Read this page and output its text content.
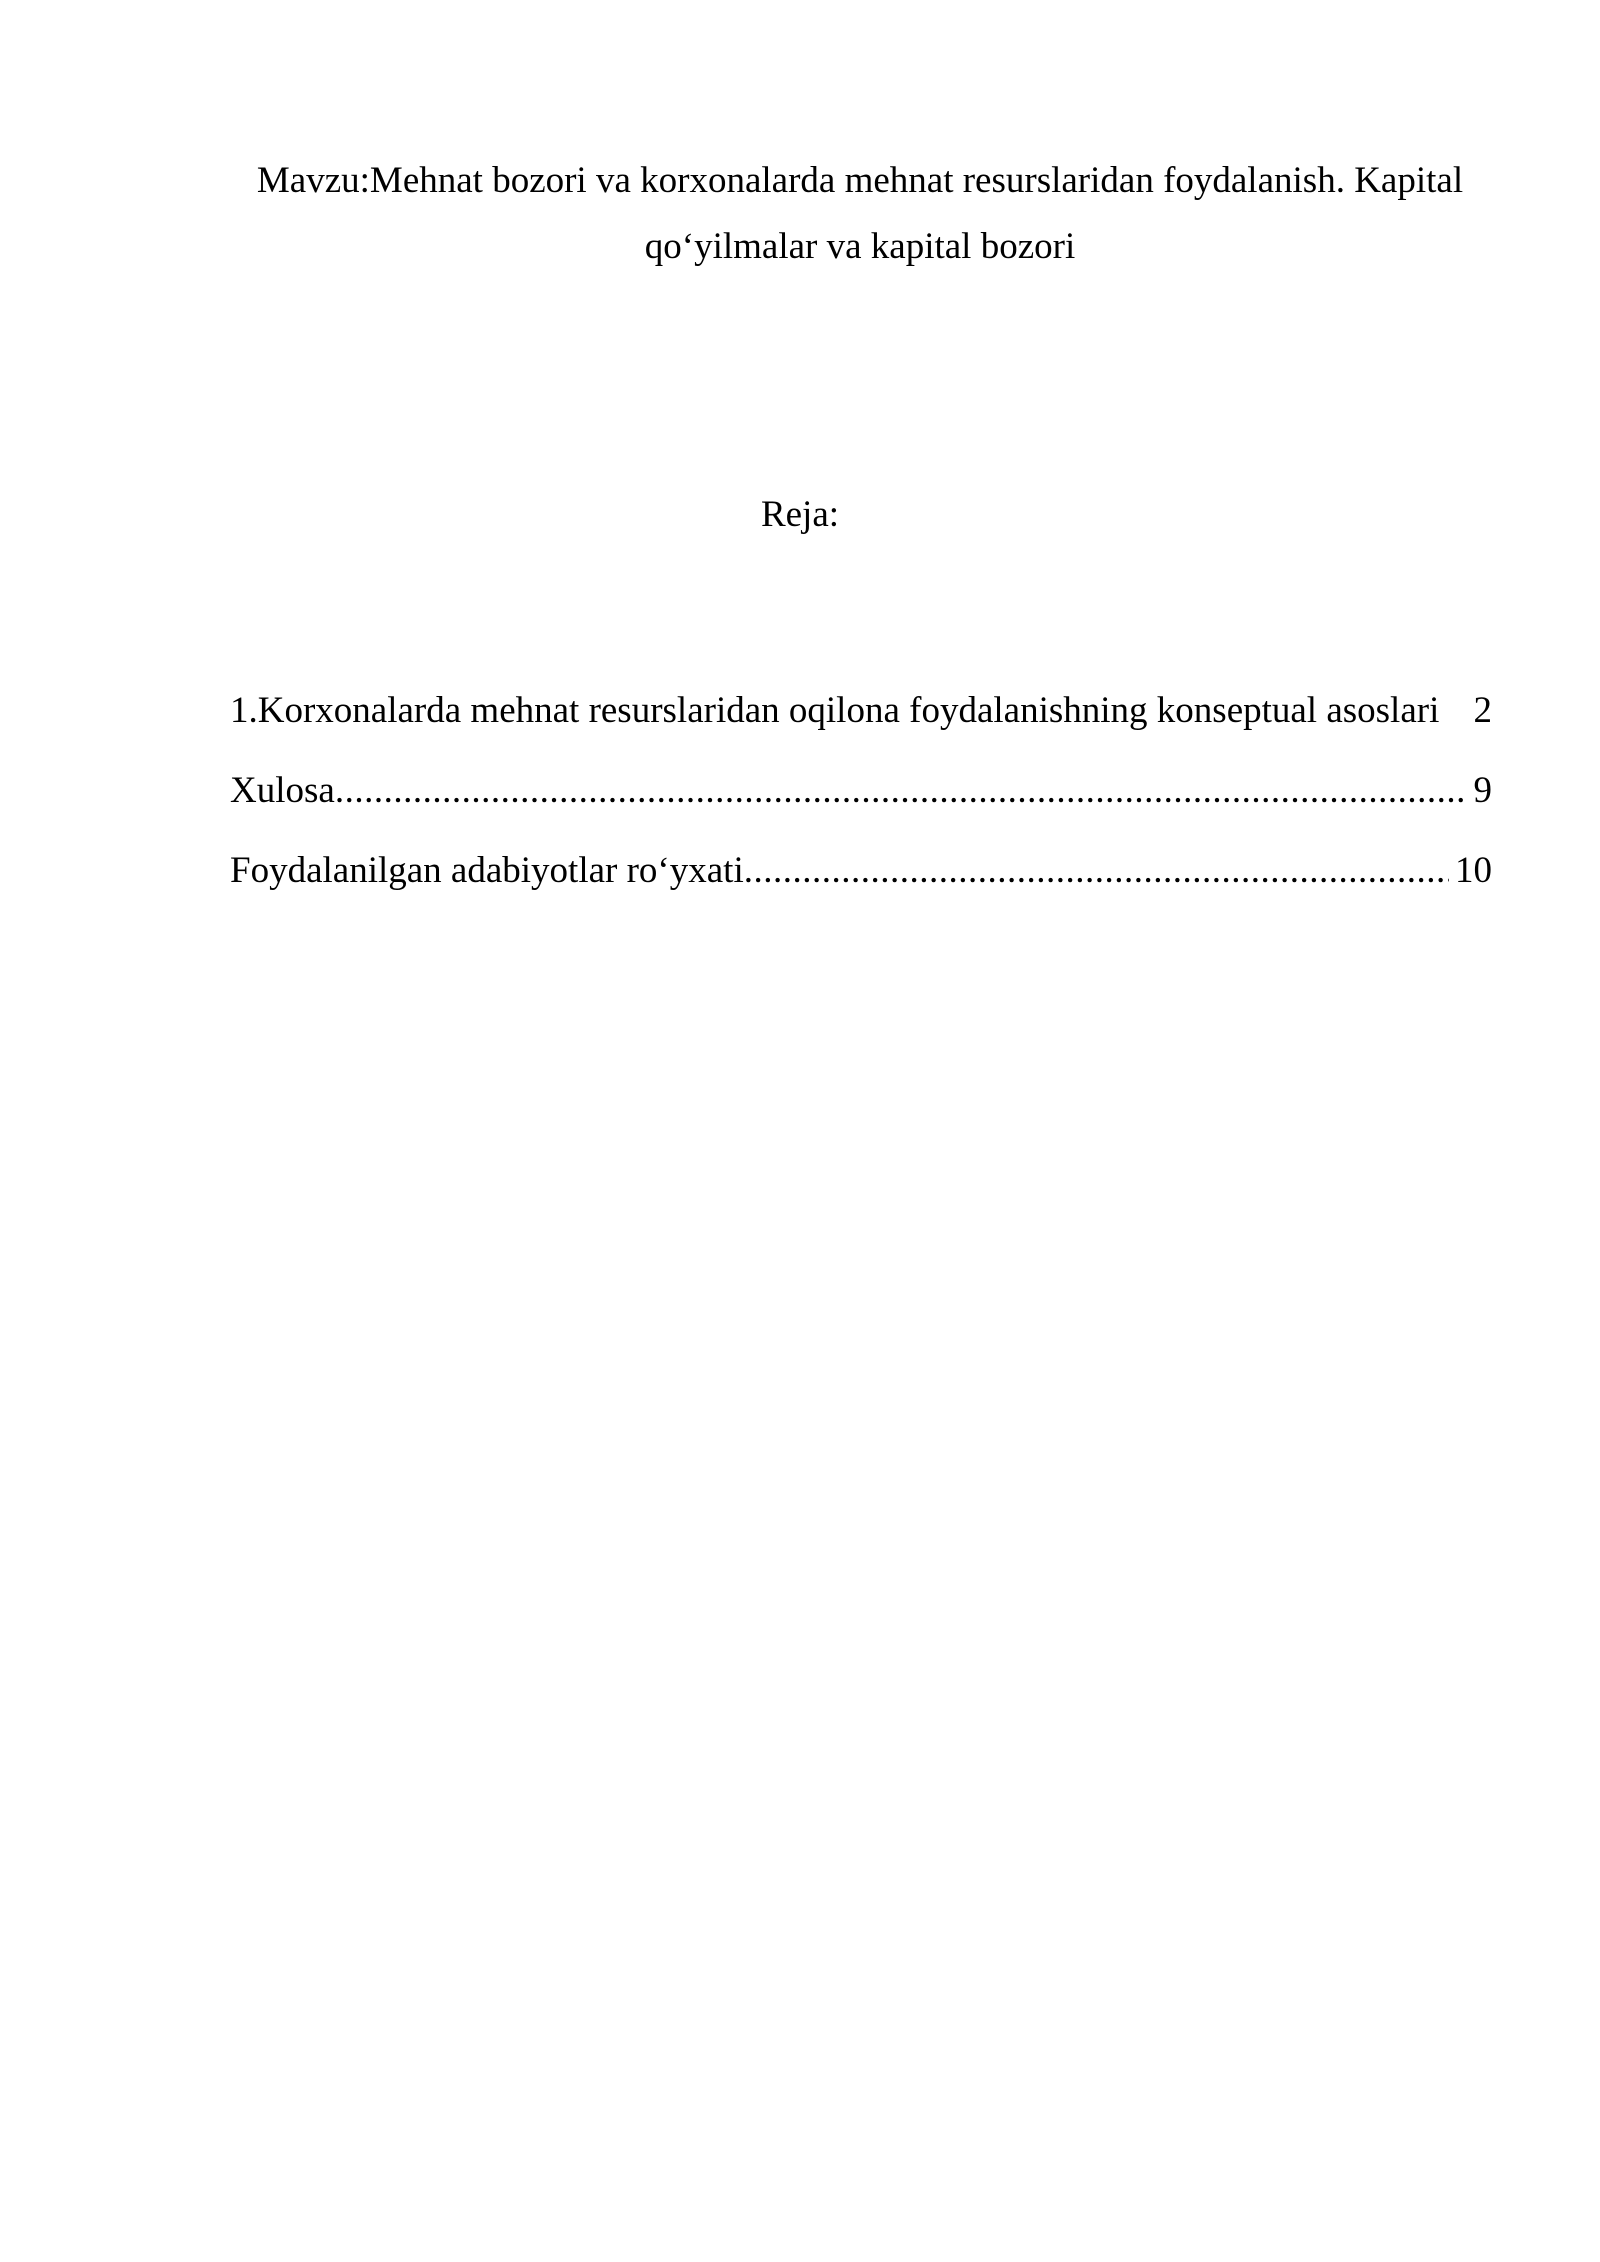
Mavzu:Mehnat bozori va korxonalarda mehnat resurslaridan foydalanish. Kapital
qo‘yilmalar va kapital bozori
Reja:
1.Korxonalarda mehnat resurslaridan oqilona foydalanishning konseptual asoslari 2
Xulosa .....	9
Foydalanilgan adabiyotlar ro‘yxati .....	10
